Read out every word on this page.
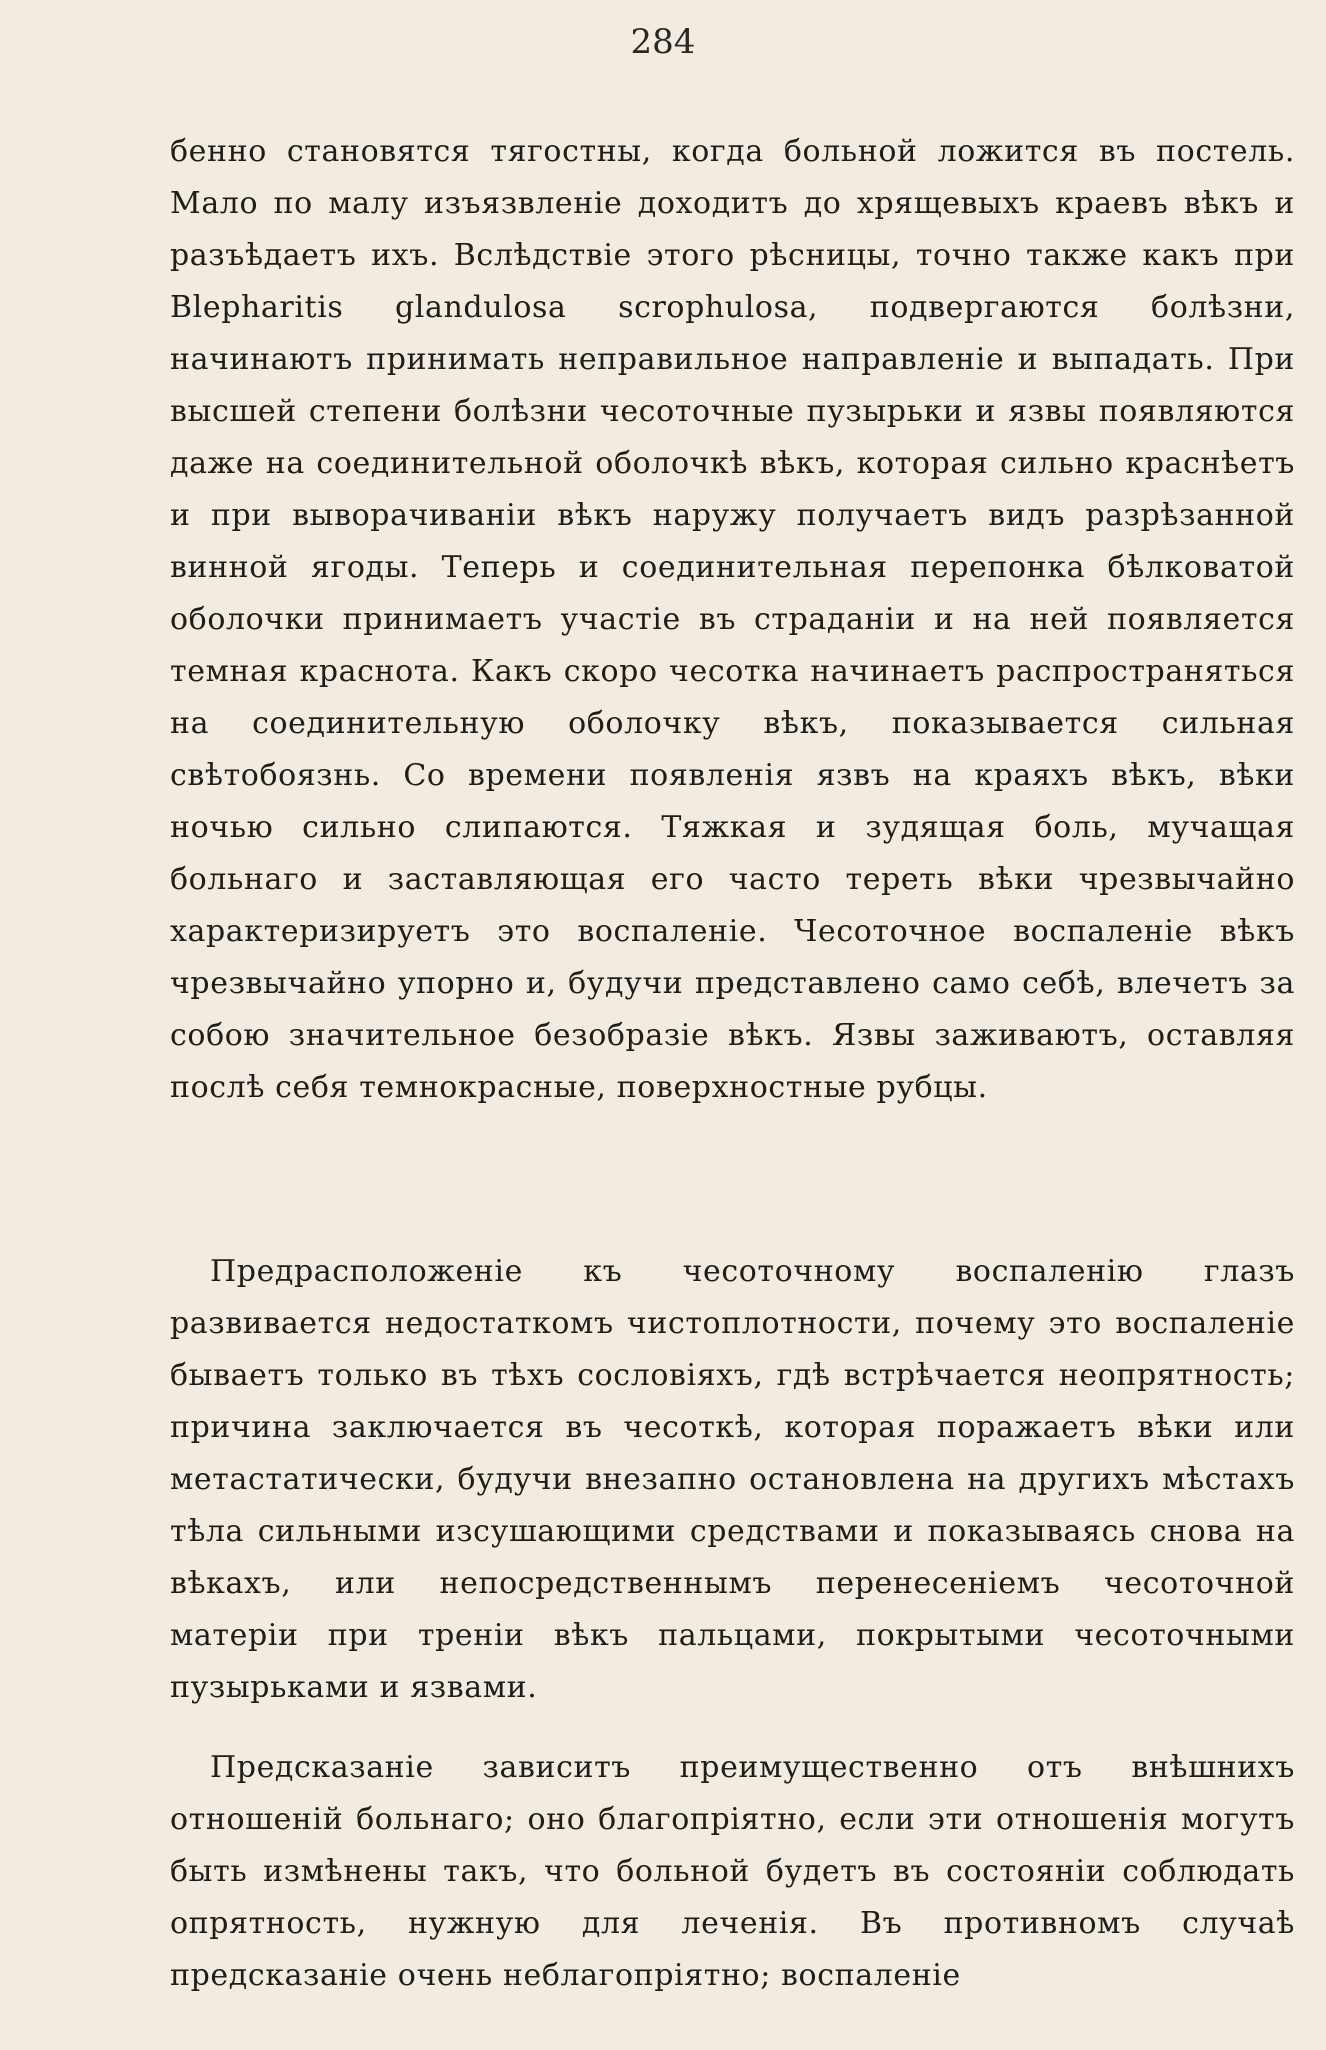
284

бенно становятся тягостны, когда больной ложится въ постель. Мало по малу изъязвленіе доходитъ до хрящевыхъ краевъ вѣкъ и разъѣдаетъ ихъ. Вслѣдствіе этого рѣсницы, точно также какъ при Blepharitis glandulosa scrophulosa, подвергаются болѣзни, начинаютъ принимать неправильное направленіе и выпадать. При высшей степени болѣзни чесоточные пузырьки и язвы появляются даже на соединительной оболочкѣ вѣкъ, которая сильно краснѣетъ и при выворачиваніи вѣкъ наружу получаетъ видъ разрѣзанной винной ягоды. Теперь и соединительная перепонка бѣлковатой оболочки принимаетъ участіе въ страданіи и на ней появляется темная краснота. Какъ скоро чесотка начинаетъ распространяться на соединительную оболочку вѣкъ, показывается сильная свѣтобоязнь. Со времени появленія язвъ на краяхъ вѣкъ, вѣки ночью сильно слипаются. Тяжкая и зудящая боль, мучащая больнаго и заставляющая его часто тереть вѣки чрезвычайно характеризируетъ это воспаленіе. Чесоточное воспаленіе вѣкъ чрезвычайно упорно и, будучи представлено само себѣ, влечетъ за собою значительное безобразіе вѣкъ. Язвы заживаютъ, оставляя послѣ себя темнокрасные, поверхностные рубцы.

Предрасположеніе къ чесоточному воспаленію глазъ развивается недостаткомъ чистоплотности, почему это воспаленіе бываетъ только въ тѣхъ сословіяхъ, гдѣ встрѣчается неопрятность; причина заключается въ чесоткѣ, которая поражаетъ вѣки или метастатически, будучи внезапно остановлена на другихъ мѣстахъ тѣла сильными изсушающими средствами и показываясь снова на вѣкахъ, или непосредственнымъ перенесеніемъ чесоточной матеріи при треніи вѣкъ пальцами, покрытыми чесоточными пузырьками и язвами.

Предсказаніе зависитъ преимущественно отъ внѣшнихъ отношеній больнаго; оно благопріятно, если эти отношенія могутъ быть измѣнены такъ, что больной будетъ въ состояніи соблюдать опрятность, нужную для леченія. Въ противномъ случаѣ предсказаніе очень неблагопріятно; воспаленіе
